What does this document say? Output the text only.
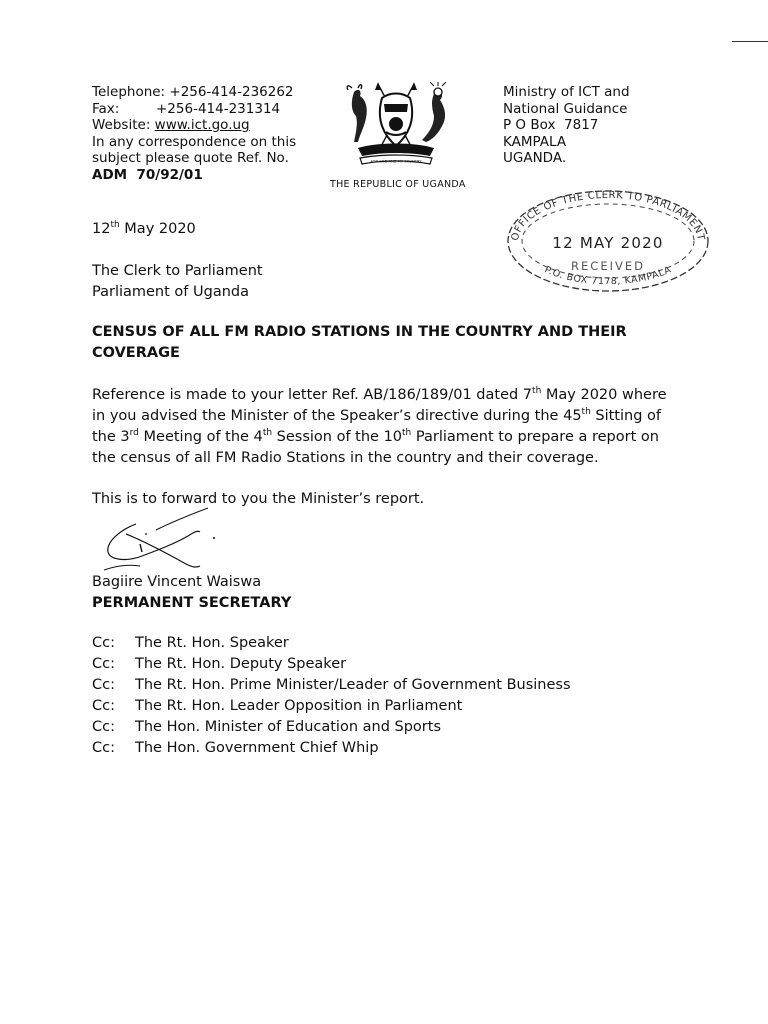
Telephone: +256-414-236262
Fax:	+256-414-231314
Website: www.ict.go.ug
In any correspondence on this
subject please quote Ref. No.
ADM  70/92/01
FOR GOD AND MY COUNTRY
THE REPUBLIC OF UGANDA
Ministry of ICT and
National Guidance
P O Box  7817
KAMPALA
UGANDA.
OFFICE OF THE CLERK TO PARLIAMENT
12 MAY 2020
RECEIVED
P.O. BOX 7178, KAMPALA
12th May 2020
The Clerk to Parliament
Parliament of Uganda
CENSUS OF ALL FM RADIO STATIONS IN THE COUNTRY AND THEIR
COVERAGE
Reference is made to your letter Ref. AB/186/189/01 dated 7th May 2020 where
in you advised the Minister of the Speaker’s directive during the 45th Sitting of
the 3rd Meeting of the 4th Session of the 10th Parliament to prepare a report on
the census of all FM Radio Stations in the country and their coverage.
This is to forward to you the Minister’s report.
Bagiire Vincent Waiswa
PERMANENT SECRETARY
Cc:	The Rt. Hon. Speaker
Cc:	The Rt. Hon. Deputy Speaker
Cc:	The Rt. Hon. Prime Minister/Leader of Government Business
Cc:	The Rt. Hon. Leader Opposition in Parliament
Cc:	The Hon. Minister of Education and Sports
Cc:	The Hon. Government Chief Whip
